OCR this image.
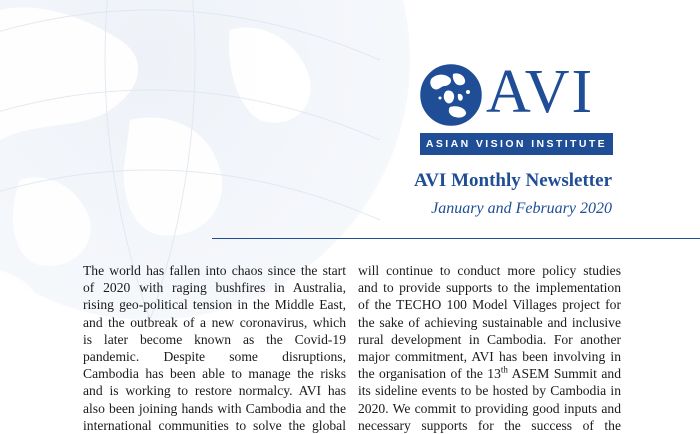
AVI
ASIAN VISION INSTITUTE
AVI Monthly Newsletter
January and February 2020
The world has fallen into chaos since the start
of 2020 with raging bushfires in Australia,
rising geo-political tension in the Middle East,
and the outbreak of a new coronavirus, which
is later become known as the Covid-19
pandemic. Despite some disruptions,
Cambodia has been able to manage the risks
and is working to restore normalcy. AVI has
also been joining hands with Cambodia and the
international communities to solve the global
will continue to conduct more policy studies
and to provide supports to the implementation
of the TECHO 100 Model Villages project for
the sake of achieving sustainable and inclusive
rural development in Cambodia. For another
major commitment, AVI has been involving in
the organisation of the 13th ASEM Summit and
its sideline events to be hosted by Cambodia in
2020. We commit to providing good inputs and
necessary supports for the success of the
